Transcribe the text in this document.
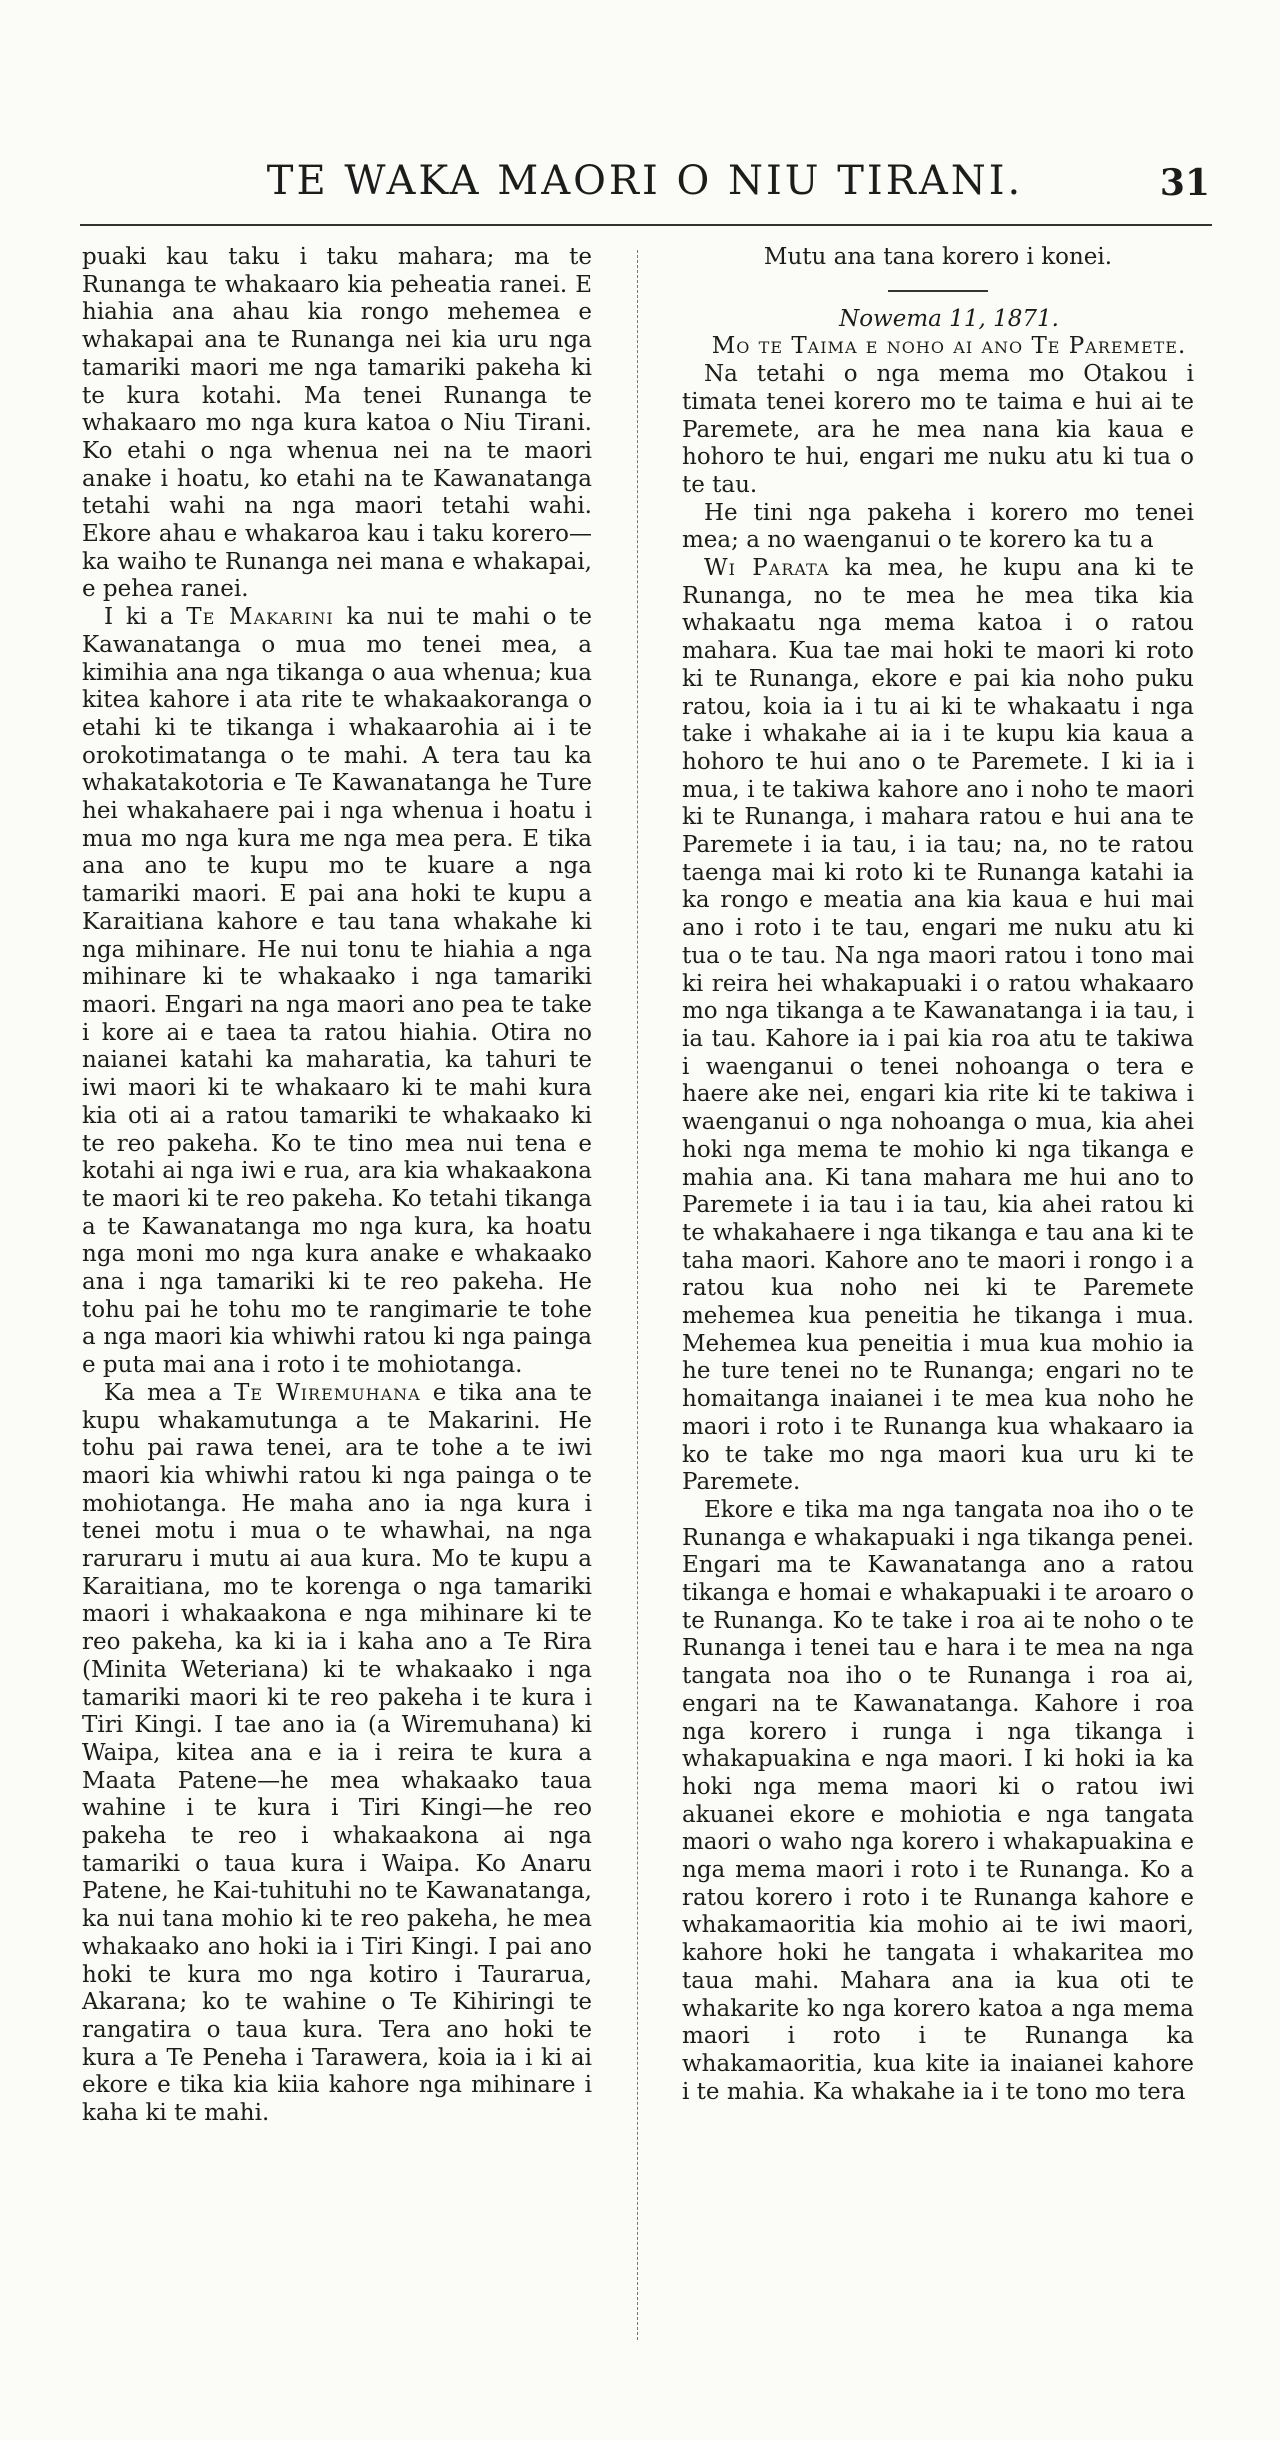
TE WAKA MAORI O NIU TIRANI.	31

puaki kau taku i taku mahara; ma te Runanga te whakaaro kia peheatia ranei. E hiahia ana ahau kia rongo mehemea e whakapai ana te Runanga nei kia uru nga tamariki maori me nga tamariki pakeha ki te kura kotahi. Ma tenei Runanga te whakaaro mo nga kura katoa o Niu Tirani. Ko etahi o nga whenua nei na te maori anake i hoatu, ko etahi na te Kawanatanga tetahi wahi na nga maori tetahi wahi. Ekore ahau e whakaroa kau i taku korero—ka waiho te Runanga nei mana e whakapai, e pehea ranei.

I ki a Te Makarini ka nui te mahi o te Kawanatanga o mua mo tenei mea, a kimihia ana nga tikanga o aua whenua; kua kitea kahore i ata rite te whakaakoranga o etahi ki te tikanga i whakaarohia ai i te orokotimatanga o te mahi. A tera tau ka whakatakotoria e Te Kawanatanga he Ture hei whakahaere pai i nga whenua i hoatu i mua mo nga kura me nga mea pera. E tika ana ano te kupu mo te kuare a nga tamariki maori. E pai ana hoki te kupu a Karaitiana kahore e tau tana whakahe ki nga mihinare. He nui tonu te hiahia a nga mihinare ki te whakaako i nga tamariki maori. Engari na nga maori ano pea te take i kore ai e taea ta ratou hiahia. Otira no naianei katahi ka maharatia, ka tahuri te iwi maori ki te whakaaro ki te mahi kura kia oti ai a ratou tamariki te whakaako ki te reo pakeha. Ko te tino mea nui tena e kotahi ai nga iwi e rua, ara kia whakaakona te maori ki te reo pakeha. Ko tetahi tikanga a te Kawanatanga mo nga kura, ka hoatu nga moni mo nga kura anake e whakaako ana i nga tamariki ki te reo pakeha. He tohu pai he tohu mo te rangimarie te tohe a nga maori kia whiwhi ratou ki nga painga e puta mai ana i roto i te mohiotanga.

Ka mea a Te Wiremuhana e tika ana te kupu whakamutunga a te Makarini. He tohu pai rawa tenei, ara te tohe a te iwi maori kia whiwhi ratou ki nga painga o te mohiotanga. He maha ano ia nga kura i tenei motu i mua o te whawhai, na nga raruraru i mutu ai aua kura. Mo te kupu a Karaitiana, mo te korenga o nga tamariki maori i whakaakona e nga mihinare ki te reo pakeha, ka ki ia i kaha ano a Te Rira (Minita Weteriana) ki te whakaako i nga tamariki maori ki te reo pakeha i te kura i Tiri Kingi. I tae ano ia (a Wiremuhana) ki Waipa, kitea ana e ia i reira te kura a Maata Patene—he mea whakaako taua wahine i te kura i Tiri Kingi—he reo pakeha te reo i whakaakona ai nga tamariki o taua kura i Waipa. Ko Anaru Patene, he Kai-tuhituhi no te Kawanatanga, ka nui tana mohio ki te reo pakeha, he mea whakaako ano hoki ia i Tiri Kingi. I pai ano hoki te kura mo nga kotiro i Taurarua, Akarana; ko te wahine o Te Kihiringi te rangatira o taua kura. Tera ano hoki te kura a Te Peneha i Tarawera, koia ia i ki ai ekore e tika kia kiia kahore nga mihinare i kaha ki te mahi.

Mutu ana tana korero i konei.

Nowema 11, 1871.

Mo te Taima e noho ai ano Te Paremete.

Na tetahi o nga mema mo Otakou i timata tenei korero mo te taima e hui ai te Paremete, ara he mea nana kia kaua e hohoro te hui, engari me nuku atu ki tua o te tau.

He tini nga pakeha i korero mo tenei mea; a no waenganui o te korero ka tu a

Wi Parata ka mea, he kupu ana ki te Runanga, no te mea he mea tika kia whakaatu nga mema katoa i o ratou mahara. Kua tae mai hoki te maori ki roto ki te Runanga, ekore e pai kia noho puku ratou, koia ia i tu ai ki te whakaatu i nga take i whakahe ai ia i te kupu kia kaua a hohoro te hui ano o te Paremete. I ki ia i mua, i te takiwa kahore ano i noho te maori ki te Runanga, i mahara ratou e hui ana te Paremete i ia tau, i ia tau; na, no te ratou taenga mai ki roto ki te Runanga katahi ia ka rongo e meatia ana kia kaua e hui mai ano i roto i te tau, engari me nuku atu ki tua o te tau. Na nga maori ratou i tono mai ki reira hei whakapuaki i o ratou whakaaro mo nga tikanga a te Kawanatanga i ia tau, i ia tau. Kahore ia i pai kia roa atu te takiwa i waenganui o tenei nohoanga o tera e haere ake nei, engari kia rite ki te takiwa i waenganui o nga nohoanga o mua, kia ahei hoki nga mema te mohio ki nga tikanga e mahia ana. Ki tana mahara me hui ano to Paremete i ia tau i ia tau, kia ahei ratou ki te whakahaere i nga tikanga e tau ana ki te taha maori. Kahore ano te maori i rongo i a ratou kua noho nei ki te Paremete mehemea kua peneitia he tikanga i mua. Mehemea kua peneitia i mua kua mohio ia he ture tenei no te Runanga; engari no te homaitanga inaianei i te mea kua noho he maori i roto i te Runanga kua whakaaro ia ko te take mo nga maori kua uru ki te Paremete.

Ekore e tika ma nga tangata noa iho o te Runanga e whakapuaki i nga tikanga penei. Engari ma te Kawanatanga ano a ratou tikanga e homai e whakapuaki i te aroaro o te Runanga. Ko te take i roa ai te noho o te Runanga i tenei tau e hara i te mea na nga tangata noa iho o te Runanga i roa ai, engari na te Kawanatanga. Kahore i roa nga korero i runga i nga tikanga i whakapuakina e nga maori. I ki hoki ia ka hoki nga mema maori ki o ratou iwi akuanei ekore e mohiotia e nga tangata maori o waho nga korero i whakapuakina e nga mema maori i roto i te Runanga. Ko a ratou korero i roto i te Runanga kahore e whakamaoritia kia mohio ai te iwi maori, kahore hoki he tangata i whakaritea mo taua mahi. Mahara ana ia kua oti te whakarite ko nga korero katoa a nga mema maori i roto i te Runanga ka whakamaoritia, kua kite ia inaianei kahore i te mahia. Ka whakahe ia i te tono mo tera
